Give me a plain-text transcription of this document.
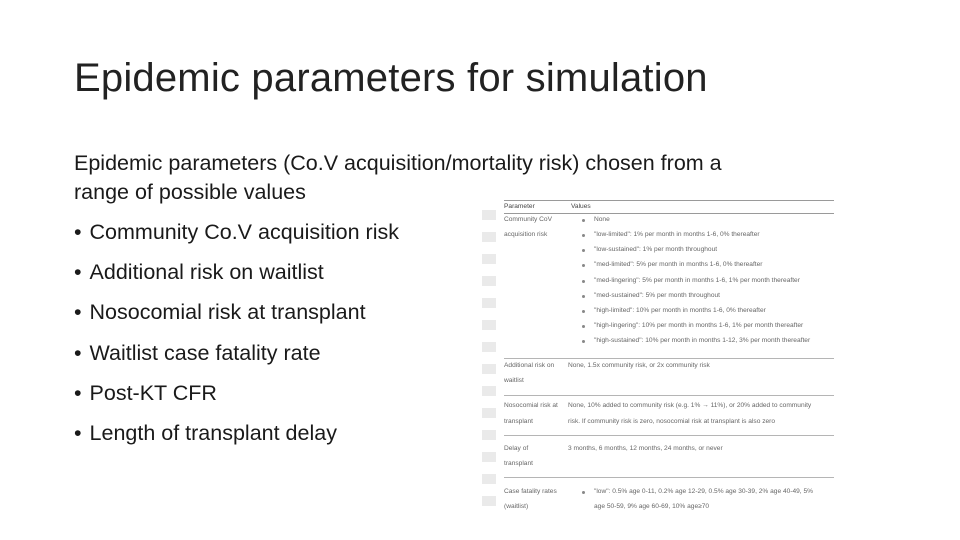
Epidemic parameters for simulation
Epidemic parameters (Co.V acquisition/mortality risk) chosen from a
range of possible values
• Community Co.V acquisition risk
• Additional risk on waitlist
• Nosocomial risk at transplant
• Waitlist case fatality rate
• Post-KT CFR
• Length of transplant delay
Parameter	Values
Community CoV
acquisition risk
None
"low-limited": 1% per month in months 1-6, 0% thereafter
"low-sustained": 1% per month throughout
"med-limited": 5% per month in months 1-6, 0% thereafter
"med-lingering": 5% per month in months 1-6, 1% per month thereafter
"med-sustained": 5% per month throughout
"high-limited": 10% per month in months 1-6, 0% thereafter
"high-lingering": 10% per month in months 1-6, 1% per month thereafter
"high-sustained": 10% per month in months 1-12, 3% per month thereafter
Additional risk on
waitlist
None, 1.5x community risk, or 2x community risk
Nosocomial risk at
transplant
None, 10% added to community risk (e.g. 1% → 11%), or 20% added to community
risk. If community risk is zero, nosocomial risk at transplant is also zero
Delay of
transplant
3 months, 6 months, 12 months, 24 months, or never
Case fatality rates
(waitlist)
"low": 0.5% age 0-11, 0.2% age 12-29, 0.5% age 30-39, 2% age 40-49, 5%
age 50-59, 9% age 60-69, 10% age≥70
